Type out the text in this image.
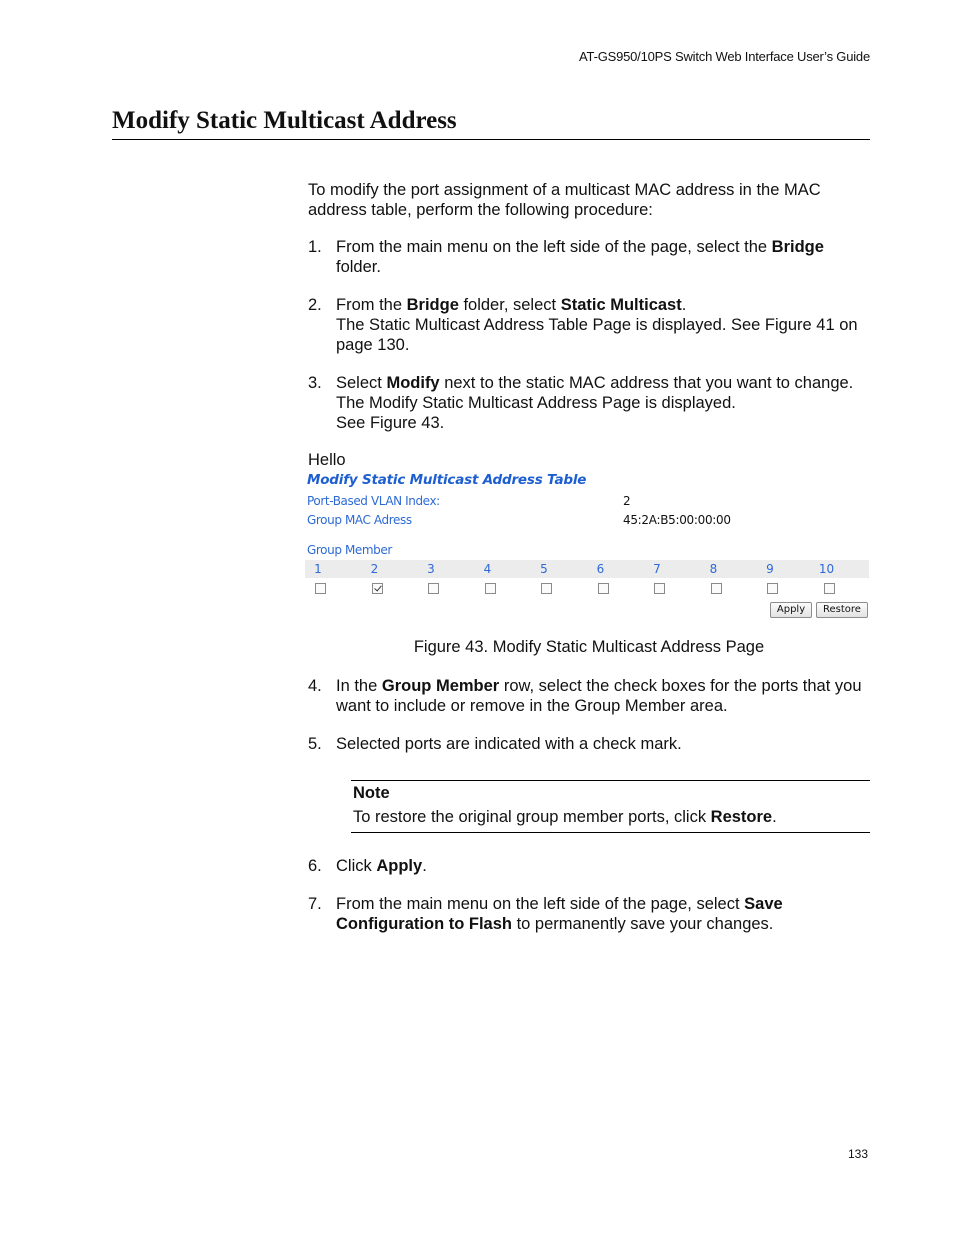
AT-GS950/10PS Switch Web Interface User’s Guide
Modify Static Multicast Address
To modify the port assignment of a multicast MAC address in the MAC address table, perform the following procedure:
1. From the main menu on the left side of the page, select the Bridge
folder.
2. From the Bridge folder, select Static Multicast.
The Static Multicast Address Table Page is displayed. See Figure 41 on page 130.
3. Select Modify next to the static MAC address that you want to change.
The Modify Static Multicast Address Page is displayed.
See Figure 43.
Hello
Modify Static Multicast Address Table
Port-Based VLAN Index:	2
Group MAC Adress	45:2A:B5:00:00:00
Group Member
1	2	3	4	5	6	7	8	9	10
Apply	Restore
Figure 43. Modify Static Multicast Address Page
4. In the Group Member row, select the check boxes for the ports that you want to include or remove in the Group Member area.
5. Selected ports are indicated with a check mark.
Note
To restore the original group member ports, click Restore.
6. Click Apply.
7. From the main menu on the left side of the page, select Save Configuration to Flash to permanently save your changes.
133
